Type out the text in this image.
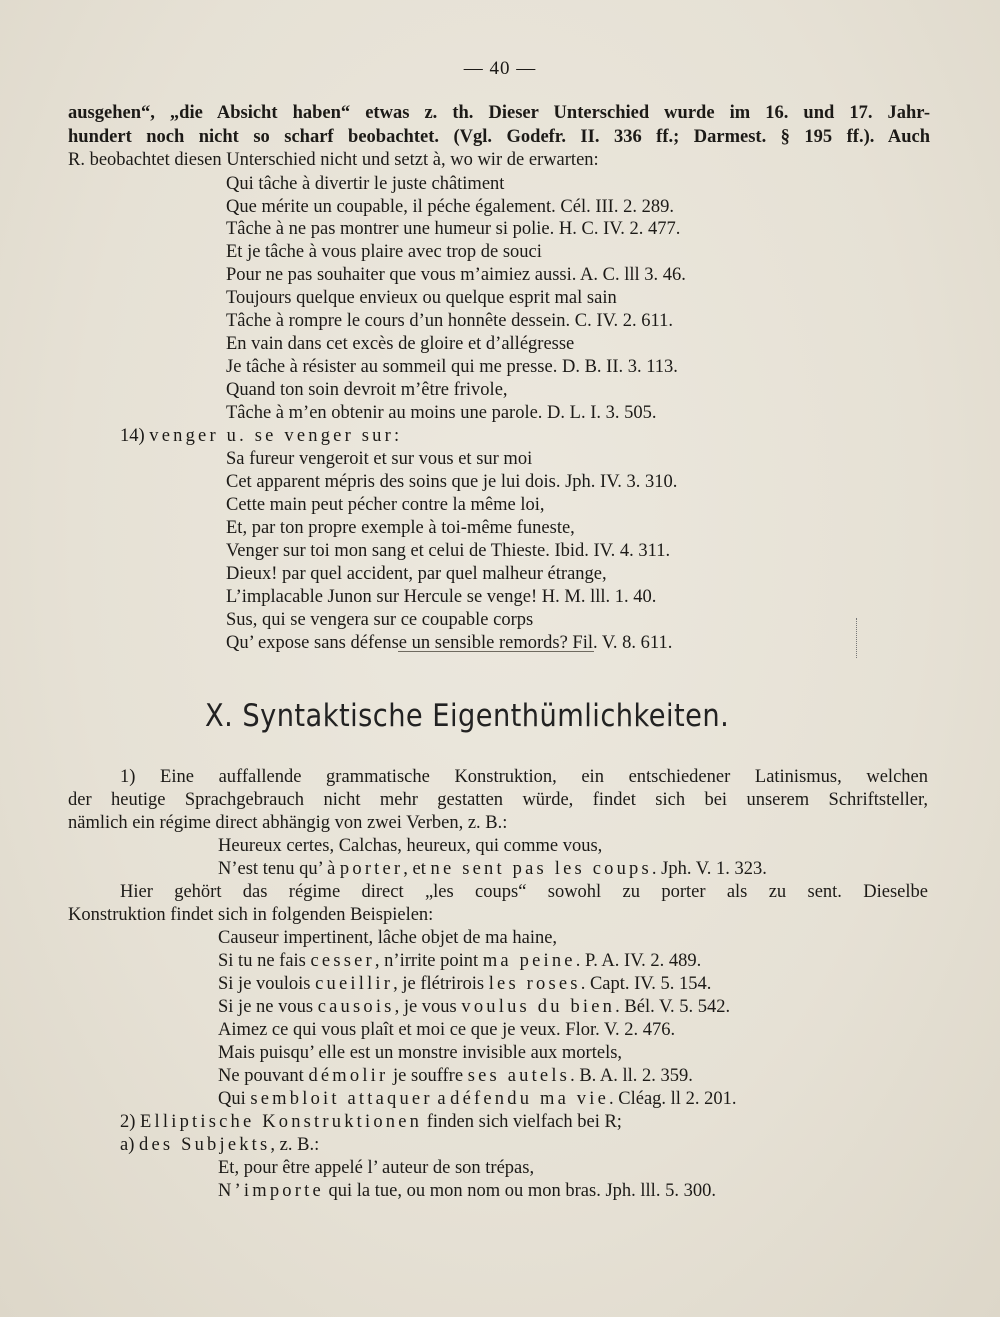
— 40 —
ausgehen“, „die Absicht haben“ etwas z. th. Dieser Unterschied wurde im 16. und 17. Jahr-
hundert noch nicht so scharf beobachtet. (Vgl. Godefr. II. 336 ff.; Darmest. § 195 ff.). Auch
R. beobachtet diesen Unterschied nicht und setzt à, wo wir de erwarten:
Qui tâche à divertir le juste châtiment
Que mérite un coupable, il péche également. Cél. III. 2. 289.
Tâche à ne pas montrer une humeur si polie. H. C. IV. 2. 477.
Et je tâche à vous plaire avec trop de souci
Pour ne pas souhaiter que vous m’aimiez aussi. A. C. lll 3. 46.
Toujours quelque envieux ou quelque esprit mal sain
Tâche à rompre le cours d’un honnête dessein. C. IV. 2. 611.
En vain dans cet excès de gloire et d’allégresse
Je tâche à résister au sommeil qui me presse. D. B. II. 3. 113.
Quand ton soin devroit m’être frivole,
Tâche à m’en obtenir au moins une parole. D. L. I. 3. 505.
14) venger u. se venger sur:
Sa fureur vengeroit et sur vous et sur moi
Cet apparent mépris des soins que je lui dois. Jph. IV. 3. 310.
Cette main peut pécher contre la même loi,
Et, par ton propre exemple à toi-même funeste,
Venger sur toi mon sang et celui de Thieste. Ibid. IV. 4. 311.
Dieux! par quel accident, par quel malheur étrange,
L’implacable Junon sur Hercule se venge! H. M. lll. 1. 40.
Sus, qui se vengera sur ce coupable corps
Qu’ expose sans défense un sensible remords? Fil. V. 8. 611.
X. Syntaktische Eigenthümlichkeiten.
1) Eine auffallende grammatische Konstruktion, ein entschiedener Latinismus, welchen
der heutige Sprachgebrauch nicht mehr gestatten würde, findet sich bei unserem Schriftsteller,
nämlich ein régime direct abhängig von zwei Verben, z. B.:
Heureux certes, Calchas, heureux, qui comme vous,
N’est tenu qu’ à porter, et ne sent pas les coups. Jph. V. 1. 323.
Hier gehört das régime direct „les coups“ sowohl zu porter als zu sent. Dieselbe
Konstruktion findet sich in folgenden Beispielen:
Causeur impertinent, lâche objet de ma haine,
Si tu ne fais cesser, n’irrite point ma peine. P. A. IV. 2. 489.
Si je voulois cueillir, je flétrirois les roses. Capt. IV. 5. 154.
Si je ne vous causois, je vous voulus du bien. Bél. V. 5. 542.
Aimez ce qui vous plaît et moi ce que je veux. Flor. V. 2. 476.
Mais puisqu’ elle est un monstre invisible aux mortels,
Ne pouvant démolir je souffre ses autels. B. A. ll. 2. 359.
Qui sembloit attaquer a défendu ma vie. Cléag. ll 2. 201.
2) Elliptische Konstruktionen finden sich vielfach bei R;
a) des Subjekts, z. B.:
Et, pour être appelé l’ auteur de son trépas,
N’importe qui la tue, ou mon nom ou mon bras. Jph. lll. 5. 300.
